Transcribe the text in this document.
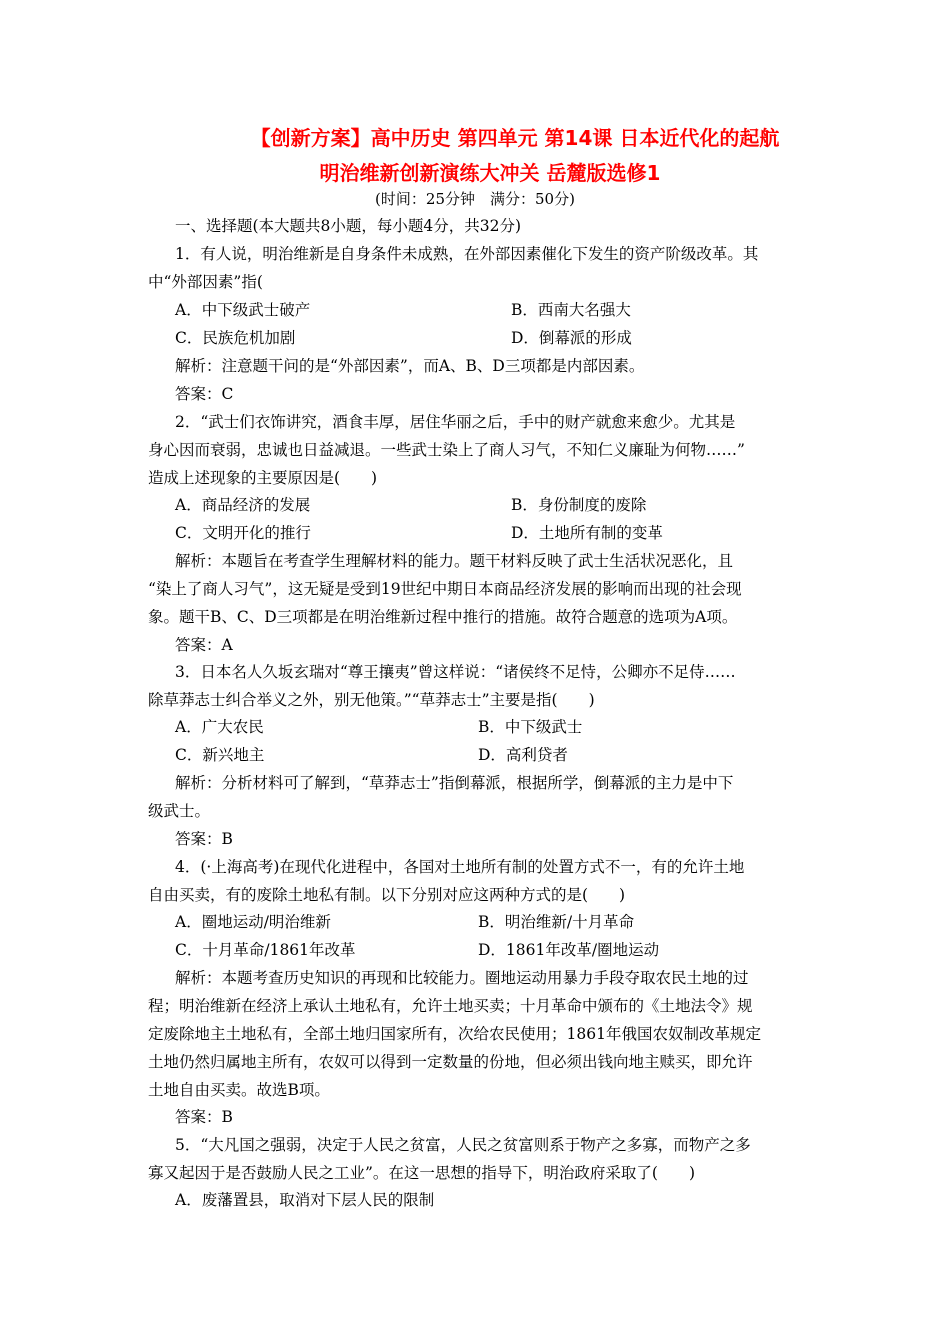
【创新方案】高中历史 第四单元 第14课 日本近代化的起航
明治维新创新演练大冲关 岳麓版选修1
(时间：25分钟　满分：50分)
一、选择题(本大题共8小题，每小题4分，共32分)
1．有人说，明治维新是自身条件未成熟，在外部因素催化下发生的资产阶级改革。其
中“外部因素”指(
A．中下级武士破产	B．西南大名强大
C．民族危机加剧	D．倒幕派的形成
解析：注意题干问的是“外部因素”，而A、B、D三项都是内部因素。
答案：C
2．“武士们衣饰讲究，酒食丰厚，居住华丽之后，手中的财产就愈来愈少。尤其是
身心因而衰弱，忠诚也日益减退。一些武士染上了商人习气，不知仁义廉耻为何物……”
造成上述现象的主要原因是(　　)
A．商品经济的发展	B．身份制度的废除
C．文明开化的推行	D．土地所有制的变革
解析：本题旨在考查学生理解材料的能力。题干材料反映了武士生活状况恶化，且
“染上了商人习气”，这无疑是受到19世纪中期日本商品经济发展的影响而出现的社会现
象。题干B、C、D三项都是在明治维新过程中推行的措施。故符合题意的选项为A项。
答案：A
3．日本名人久坂玄瑞对“尊王攘夷”曾这样说：“诸侯终不足恃，公卿亦不足侍……
除草莽志士纠合举义之外，别无他策。”“草莽志士”主要是指(　　)
A．广大农民	B．中下级武士
C．新兴地主	D．高利贷者
解析：分析材料可了解到，“草莽志士”指倒幕派，根据所学，倒幕派的主力是中下
级武士。
答案：B
4．(·上海高考)在现代化进程中，各国对土地所有制的处置方式不一，有的允许土地
自由买卖，有的废除土地私有制。以下分别对应这两种方式的是(　　)
A．圈地运动/明治维新	B．明治维新/十月革命
C．十月革命/1861年改革	D．1861年改革/圈地运动
解析：本题考查历史知识的再现和比较能力。圈地运动用暴力手段夺取农民土地的过
程；明治维新在经济上承认土地私有，允许土地买卖；十月革命中颁布的《土地法令》规
定废除地主土地私有，全部土地归国家所有，次给农民使用；1861年俄国农奴制改革规定
土地仍然归属地主所有，农奴可以得到一定数量的份地，但必须出钱向地主赎买，即允许
土地自由买卖。故选B项。
答案：B
5．“大凡国之强弱，决定于人民之贫富，人民之贫富则系于物产之多寡，而物产之多
寡又起因于是否鼓励人民之工业”。在这一思想的指导下，明治政府采取了(　　)
A．废藩置县，取消对下层人民的限制
